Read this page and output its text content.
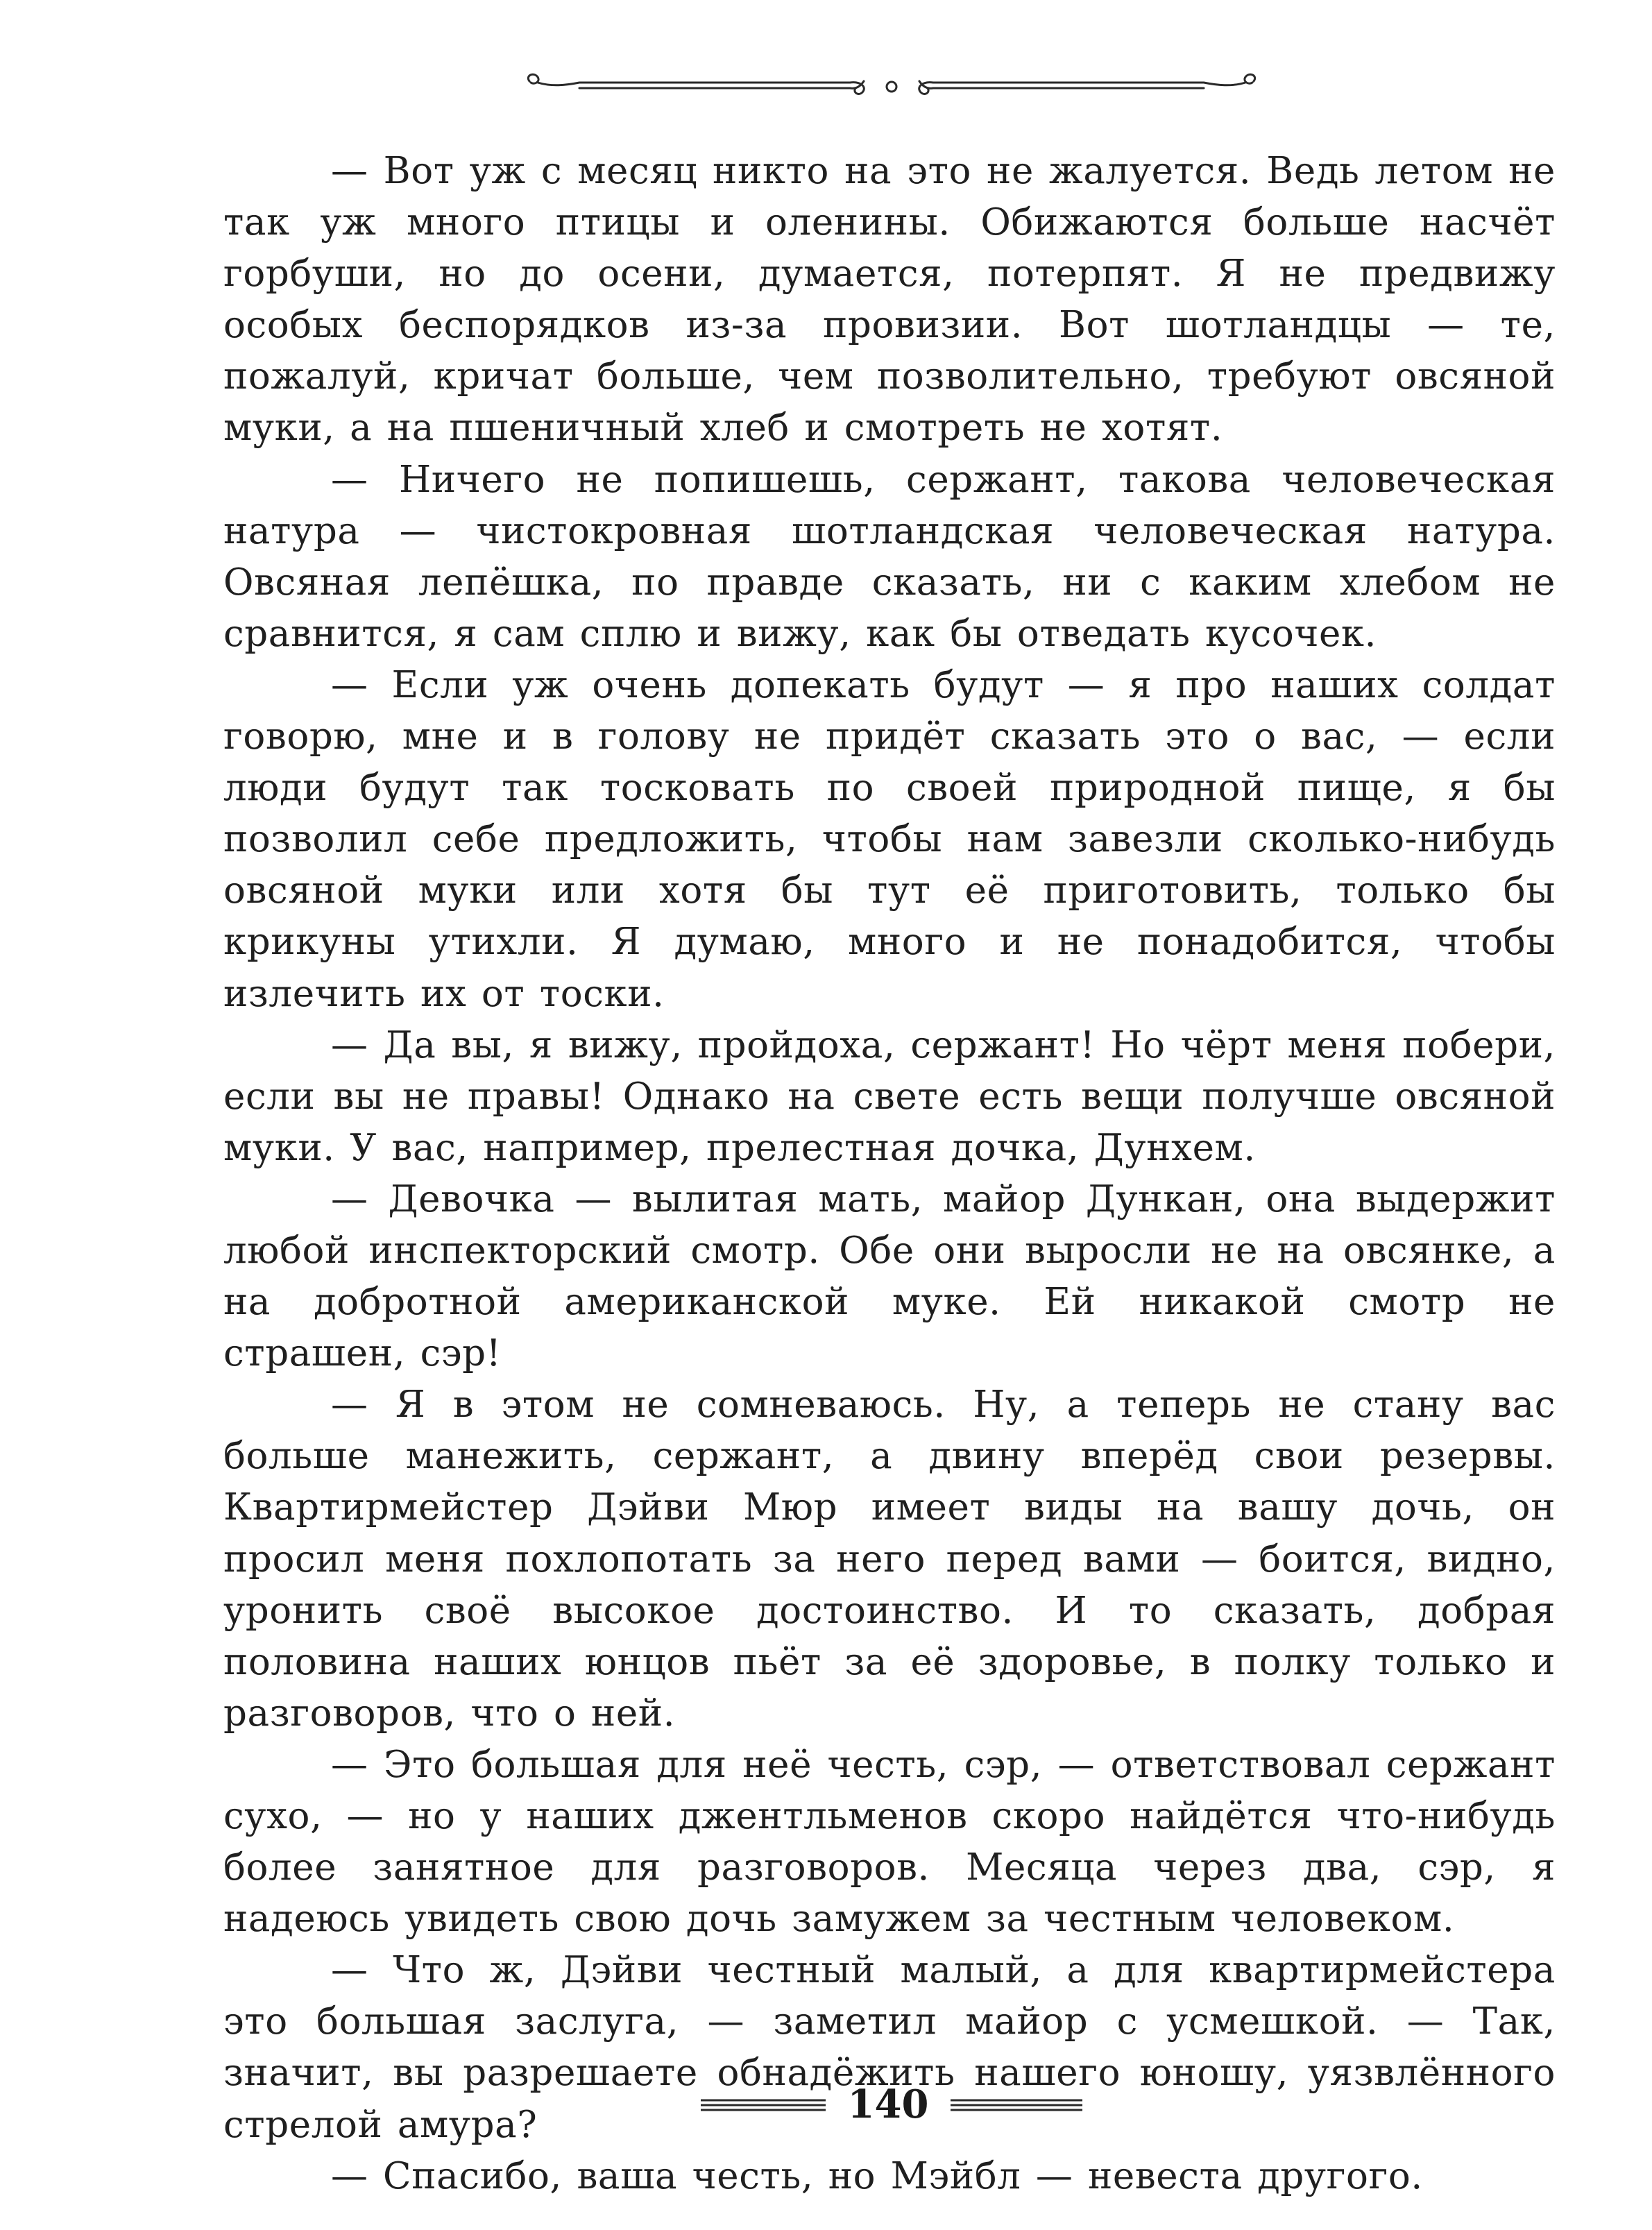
— Вот уж с месяц никто на это не жалуется. Ведь летом не так уж много птицы и оленины. Обижаются больше насчёт горбуши, но до осени, думается, потерпят. Я не предвижу особых беспорядков из-за провизии. Вот шотландцы — те, пожалуй, кричат больше, чем позволительно, требуют овсяной муки, а на пшеничный хлеб и смотреть не хотят.

— Ничего не попишешь, сержант, такова человеческая натура — чистокровная шотландская человеческая натура. Овсяная лепёшка, по правде сказать, ни с каким хлебом не сравнится, я сам сплю и вижу, как бы отведать кусочек.

— Если уж очень допекать будут — я про наших солдат говорю, мне и в голову не придёт сказать это о вас, — если люди будут так тосковать по своей природной пище, я бы позволил себе предложить, чтобы нам завезли сколько-нибудь овсяной муки или хотя бы тут её приготовить, только бы крикуны утихли. Я думаю, много и не понадобится, чтобы излечить их от тоски.

— Да вы, я вижу, пройдоха, сержант! Но чёрт меня побери, если вы не правы! Однако на свете есть вещи получше овсяной муки. У вас, например, прелестная дочка, Дунхем.

— Девочка — вылитая мать, майор Дункан, она выдержит любой инспекторский смотр. Обе они выросли не на овсянке, а на добротной американской муке. Ей никакой смотр не страшен, сэр!

— Я в этом не сомневаюсь. Ну, а теперь не стану вас больше манежить, сержант, а двину вперёд свои резервы. Квартирмейстер Дэйви Мюр имеет виды на вашу дочь, он просил меня похлопотать за него перед вами — боится, видно, уронить своё высокое достоинство. И то сказать, добрая половина наших юнцов пьёт за её здоровье, в полку только и разговоров, что о ней.

— Это большая для неё честь, сэр, — ответствовал сержант сухо, — но у наших джентльменов скоро найдётся что-нибудь более занятное для разговоров. Месяца через два, сэр, я надеюсь увидеть свою дочь замужем за честным человеком.

— Что ж, Дэйви честный малый, а для квартирмейстера это большая заслуга, — заметил майор с усмешкой. — Так, значит, вы разрешаете обнадёжить нашего юношу, уязвлённого стрелой амура?

— Спасибо, ваша честь, но Мэйбл — невеста другого.

140
